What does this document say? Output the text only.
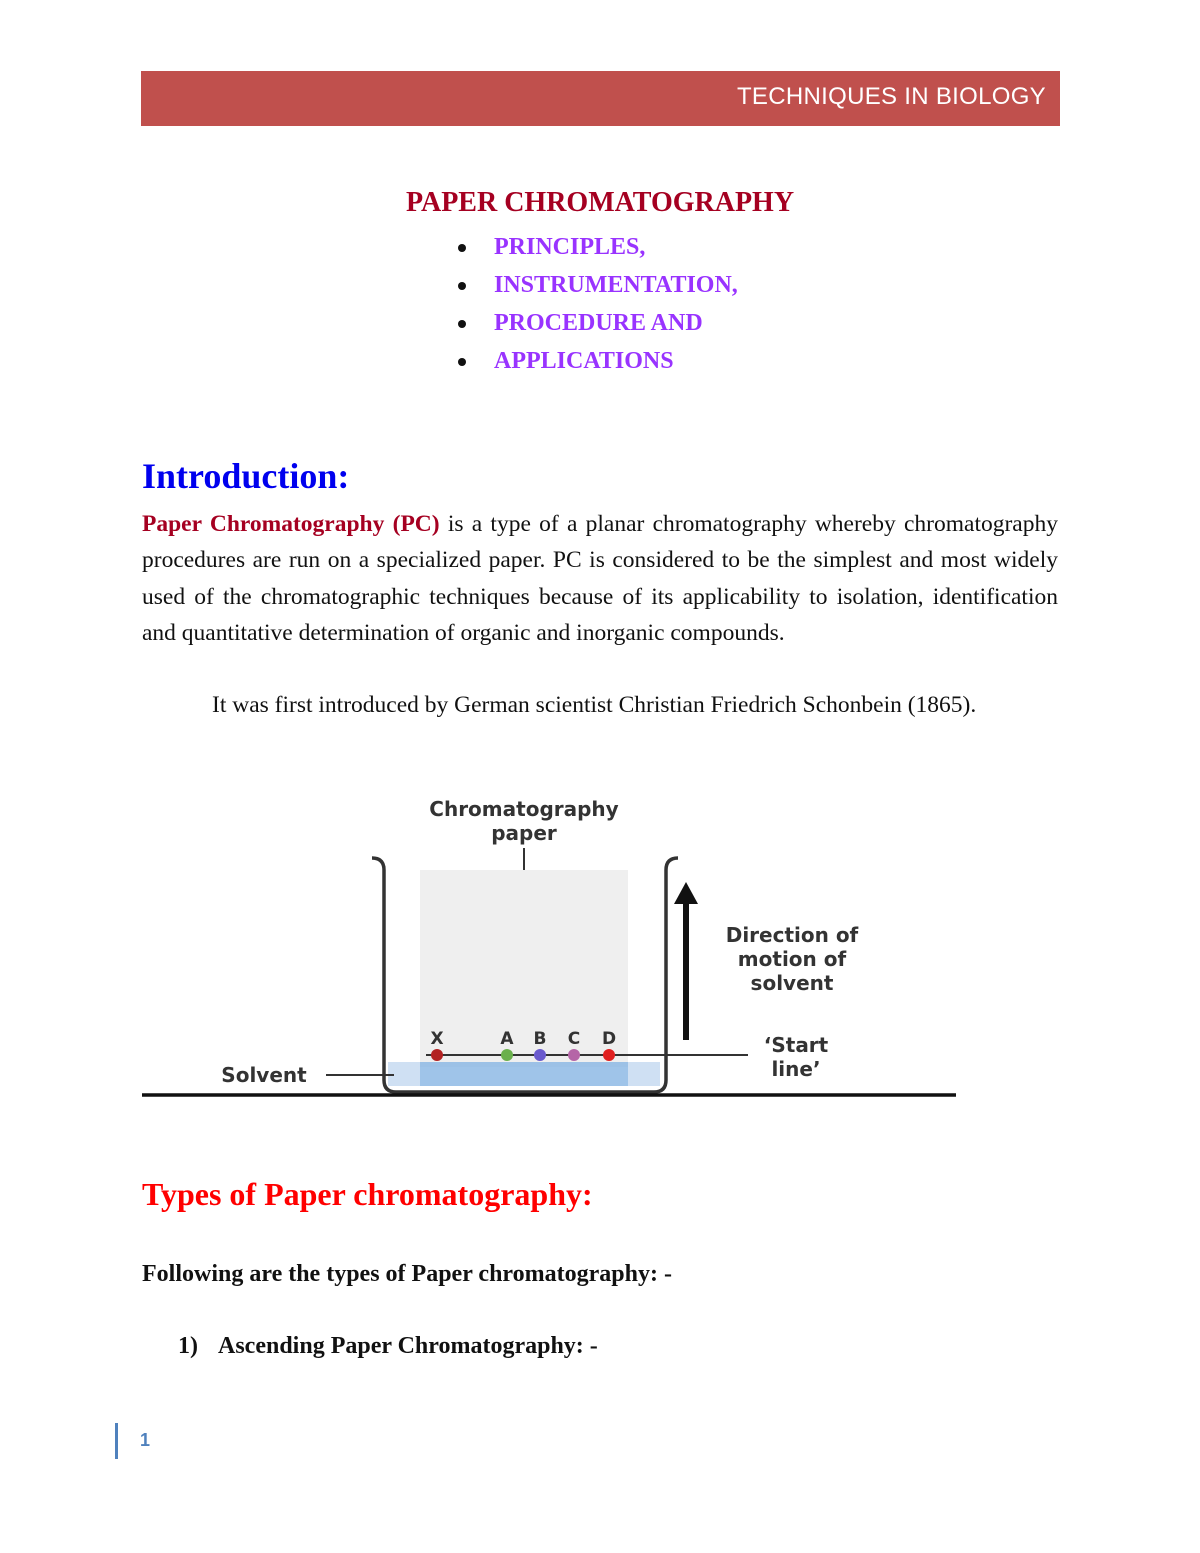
TECHNIQUES IN BIOLOGY
PAPER CHROMATOGRAPHY
PRINCIPLES,
INSTRUMENTATION,
PROCEDURE AND
APPLICATIONS
Introduction:

Paper Chromatography (PC) is a type of a planar chromatography whereby chromatography procedures are run on a specialized paper. PC is considered to be the simplest and most widely used of the chromatographic techniques because of its applicability to isolation, identification and quantitative determination of organic and inorganic compounds.

It was first introduced by German scientist Christian Friedrich Schonbein (1865).

X	A B C D
Chromatography
paper
Direction of
motion of
solvent
‘Start
line’
Solvent
Types of Paper chromatography:
Following are the types of Paper chromatography: -
1) Ascending Paper Chromatography: -
1
